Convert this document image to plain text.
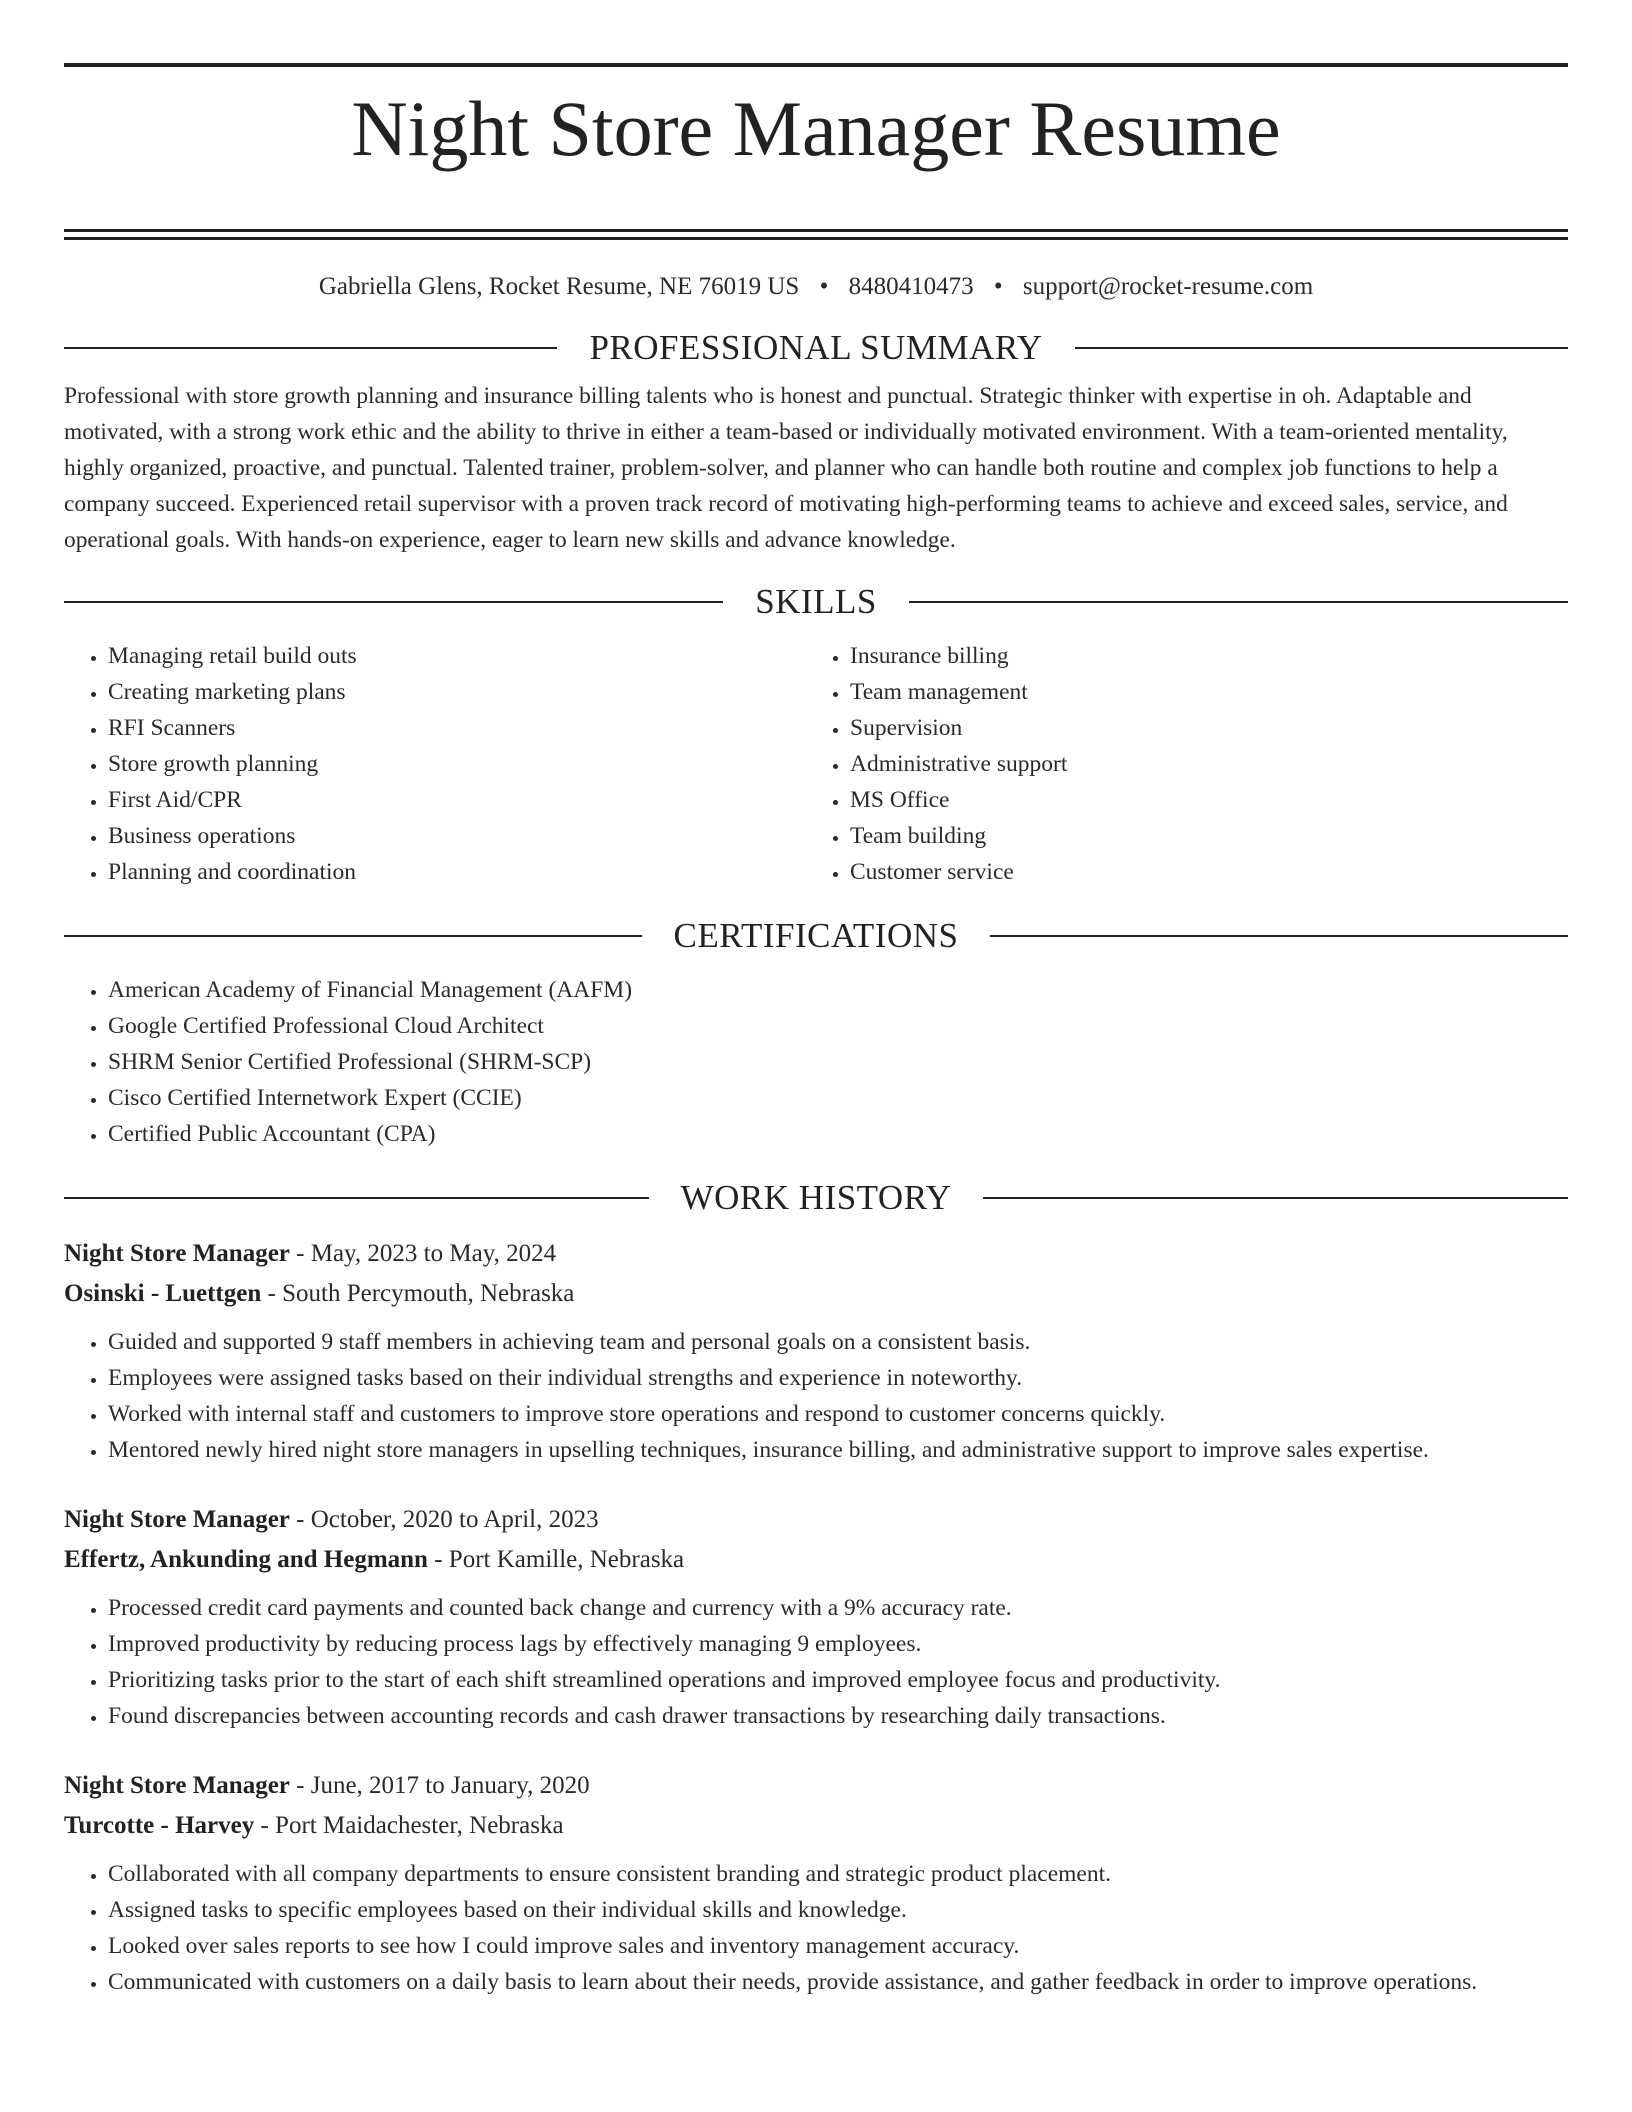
Night Store Manager Resume
Gabriella Glens, Rocket Resume, NE 76019 US • 8480410473 • support@rocket-resume.com
PROFESSIONAL SUMMARY

Professional with store growth planning and insurance billing talents who is honest and punctual. Strategic thinker with expertise in oh. Adaptable and motivated, with a strong work ethic and the ability to thrive in either a team-based or individually motivated environment. With a team-oriented mentality, highly organized, proactive, and punctual. Talented trainer, problem-solver, and planner who can handle both routine and complex job functions to help a company succeed. Experienced retail supervisor with a proven track record of motivating high-performing teams to achieve and exceed sales, service, and operational goals. With hands-on experience, eager to learn new skills and advance knowledge.

SKILLS
• Managing retail build outs
• Creating marketing plans
• RFI Scanners
• Store growth planning
• First Aid/CPR
• Business operations
• Planning and coordination
• Insurance billing
• Team management
• Supervision
• Administrative support
• MS Office
• Team building
• Customer service
CERTIFICATIONS
• American Academy of Financial Management (AAFM)
• Google Certified Professional Cloud Architect
• SHRM Senior Certified Professional (SHRM-SCP)
• Cisco Certified Internetwork Expert (CCIE)
• Certified Public Accountant (CPA)
WORK HISTORY
Night Store Manager - May, 2023 to May, 2024
Osinski - Luettgen - South Percymouth, Nebraska
• Guided and supported 9 staff members in achieving team and personal goals on a consistent basis.
• Employees were assigned tasks based on their individual strengths and experience in noteworthy.
• Worked with internal staff and customers to improve store operations and respond to customer concerns quickly.
• Mentored newly hired night store managers in upselling techniques, insurance billing, and administrative support to improve sales expertise.
Night Store Manager - October, 2020 to April, 2023
Effertz, Ankunding and Hegmann - Port Kamille, Nebraska
• Processed credit card payments and counted back change and currency with a 9% accuracy rate.
• Improved productivity by reducing process lags by effectively managing 9 employees.
• Prioritizing tasks prior to the start of each shift streamlined operations and improved employee focus and productivity.
• Found discrepancies between accounting records and cash drawer transactions by researching daily transactions.
Night Store Manager - June, 2017 to January, 2020
Turcotte - Harvey - Port Maidachester, Nebraska
• Collaborated with all company departments to ensure consistent branding and strategic product placement.
• Assigned tasks to specific employees based on their individual skills and knowledge.
• Looked over sales reports to see how I could improve sales and inventory management accuracy.
• Communicated with customers on a daily basis to learn about their needs, provide assistance, and gather feedback in order to improve operations.
